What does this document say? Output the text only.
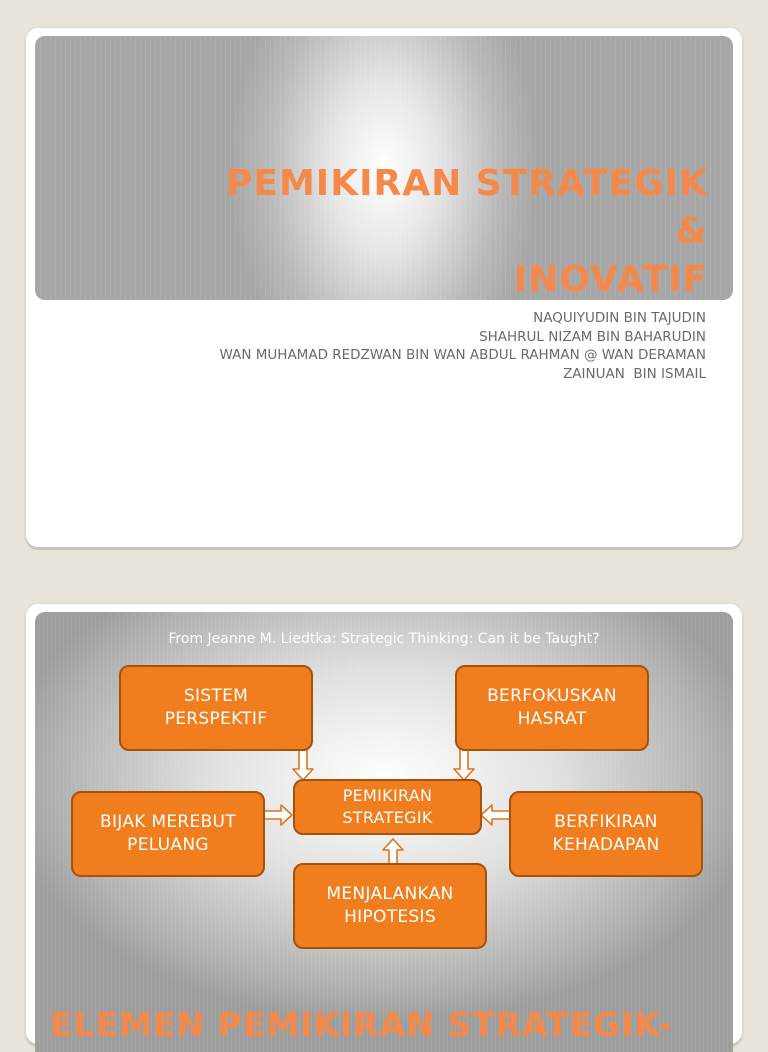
PEMIKIRAN STRATEGIK
&
INOVATIF
NAQUIYUDIN BIN TAJUDIN
SHAHRUL NIZAM BIN BAHARUDIN
WAN MUHAMAD REDZWAN BIN WAN ABDUL RAHMAN @ WAN DERAMAN
ZAINUAN  BIN ISMAIL
From Jeanne M. Liedtka: Strategic Thinking: Can it be Taught?
SISTEM
PERSPEKTIF
BERFOKUSKAN
HASRAT
BIJAK MEREBUT
PELUANG
PEMIKIRAN
STRATEGIK	BERFIKIRAN
KEHADAPAN
MENJALANKAN
HIPOTESIS
ELEMEN PEMIKIRAN STRATEGIK-
